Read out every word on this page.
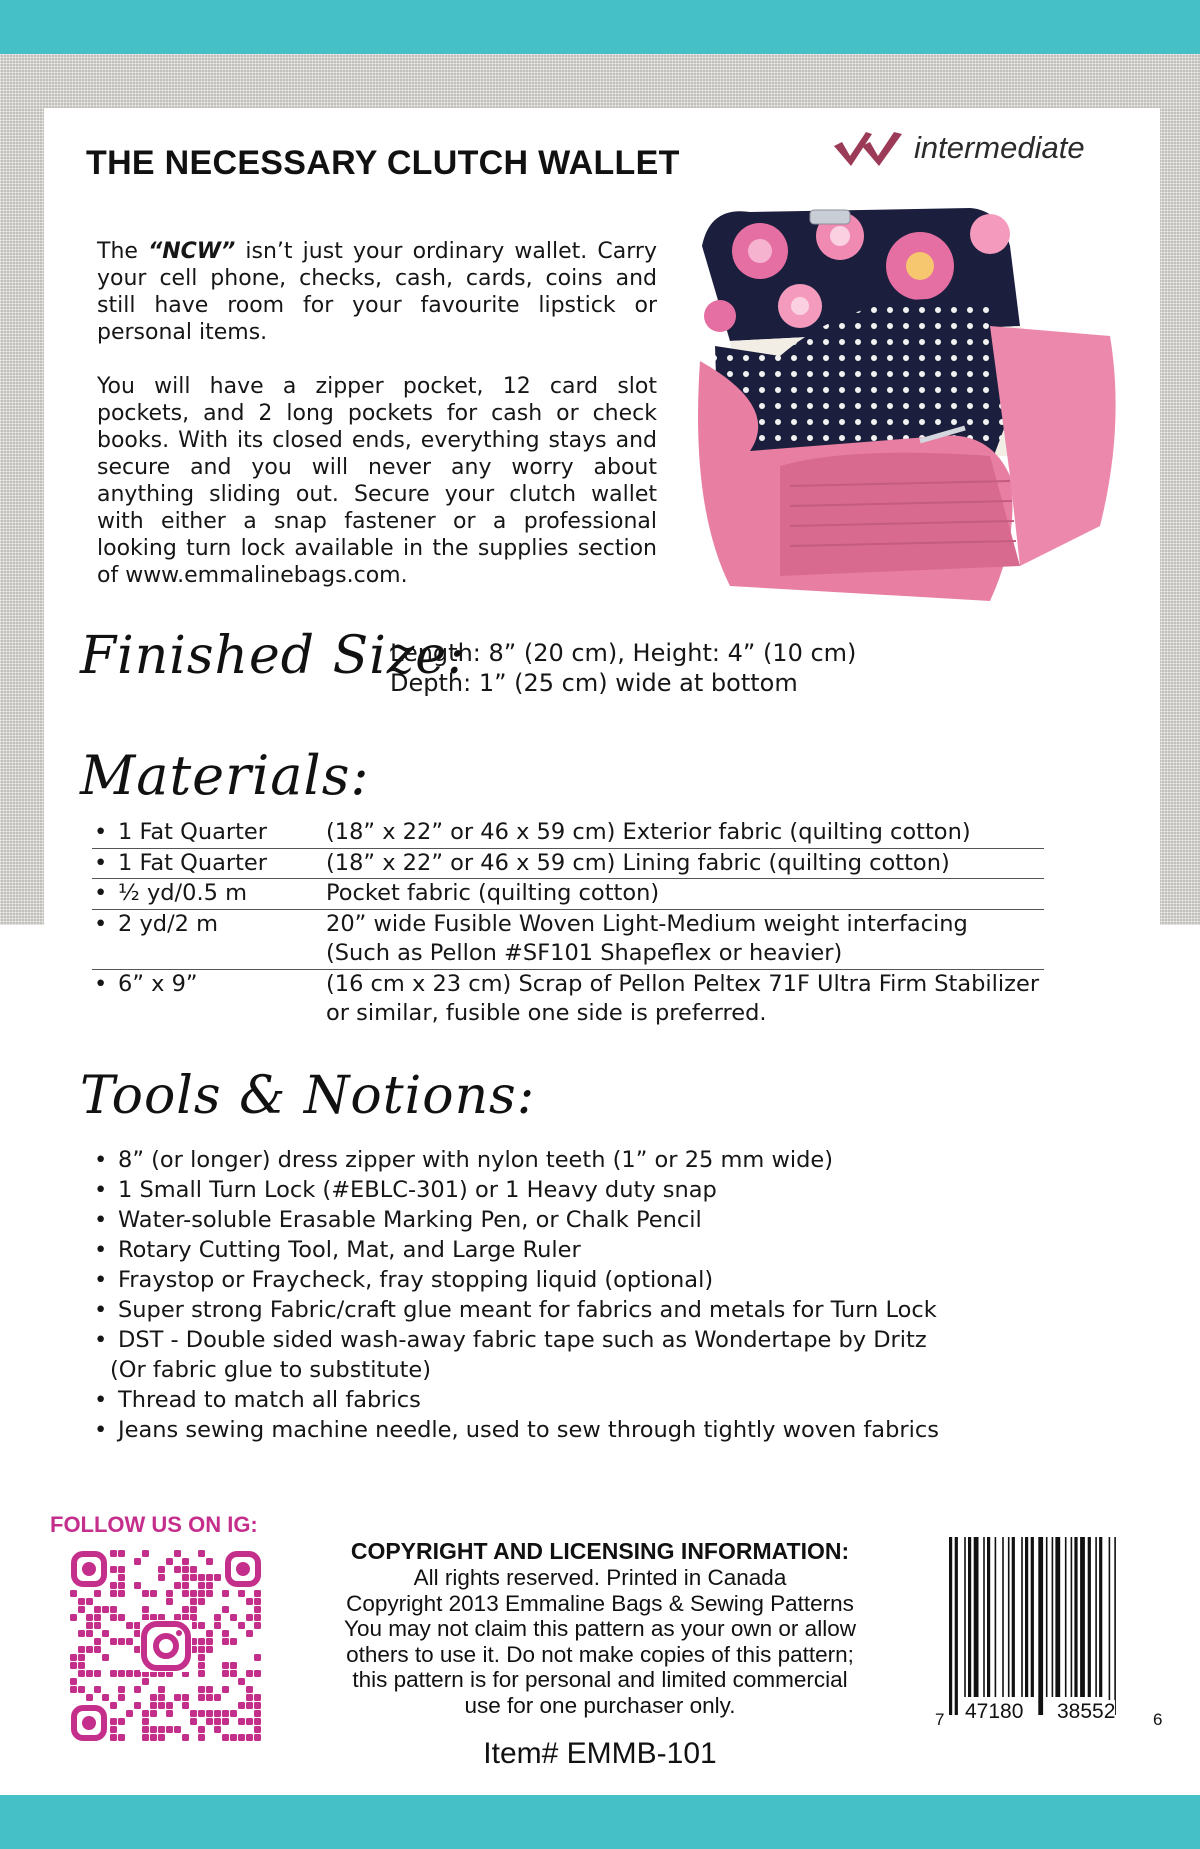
THE NECESSARY CLUTCH WALLET	intermediate

The “NCW” isn’t just your ordinary wallet. Carry your cell phone, checks, cash, cards, coins and still have room for your favourite lipstick or personal items.

You will have a zipper pocket, 12 card slot pockets, and 2 long pockets for cash or check books. With its closed ends, everything stays and secure and you will never any worry about anything sliding out. Secure your clutch wallet with either a snap fastener or a professional looking turn lock available in the supplies section of www.emmalinebags.com.

Finished Size:
Length: 8” (20 cm), Height: 4” (10 cm)
Depth: 1” (25 cm) wide at bottom
Materials:
• 1 Fat Quarter	(18” x 22” or 46 x 59 cm) Exterior fabric (quilting cotton)
• 1 Fat Quarter	(18” x 22” or 46 x 59 cm) Lining fabric (quilting cotton)
• ½ yd/0.5 m	Pocket fabric (quilting cotton)
• 2 yd/2 m	20” wide Fusible Woven Light-Medium weight interfacing
(Such as Pellon #SF101 Shapeflex or heavier)
• 6” x 9”	(16 cm x 23 cm) Scrap of Pellon Peltex 71F Ultra Firm Stabilizer
or similar, fusible one side is preferred.
Tools & Notions:
• 8” (or longer) dress zipper with nylon teeth (1” or 25 mm wide)
• 1 Small Turn Lock (#EBLC-301) or 1 Heavy duty snap
• Water-soluble Erasable Marking Pen, or Chalk Pencil
• Rotary Cutting Tool, Mat, and Large Ruler
• Fraystop or Fraycheck, fray stopping liquid (optional)
• Super strong Fabric/craft glue meant for fabrics and metals for Turn Lock
• DST - Double sided wash-away fabric tape such as Wondertape by Dritz
(Or fabric glue to substitute)
• Thread to match all fabrics
• Jeans sewing machine needle, used to sew through tightly woven fabrics
FOLLOW US ON IG:
COPYRIGHT AND LICENSING INFORMATION:
All rights reserved. Printed in Canada
Copyright 2013 Emmaline Bags & Sewing Patterns
You may not claim this pattern as your own or allow
others to use it. Do not make copies of this pattern;
this pattern is for personal and limited commercial
use for one purchaser only.
Item# EMMB-101
7 47180 38552 6
